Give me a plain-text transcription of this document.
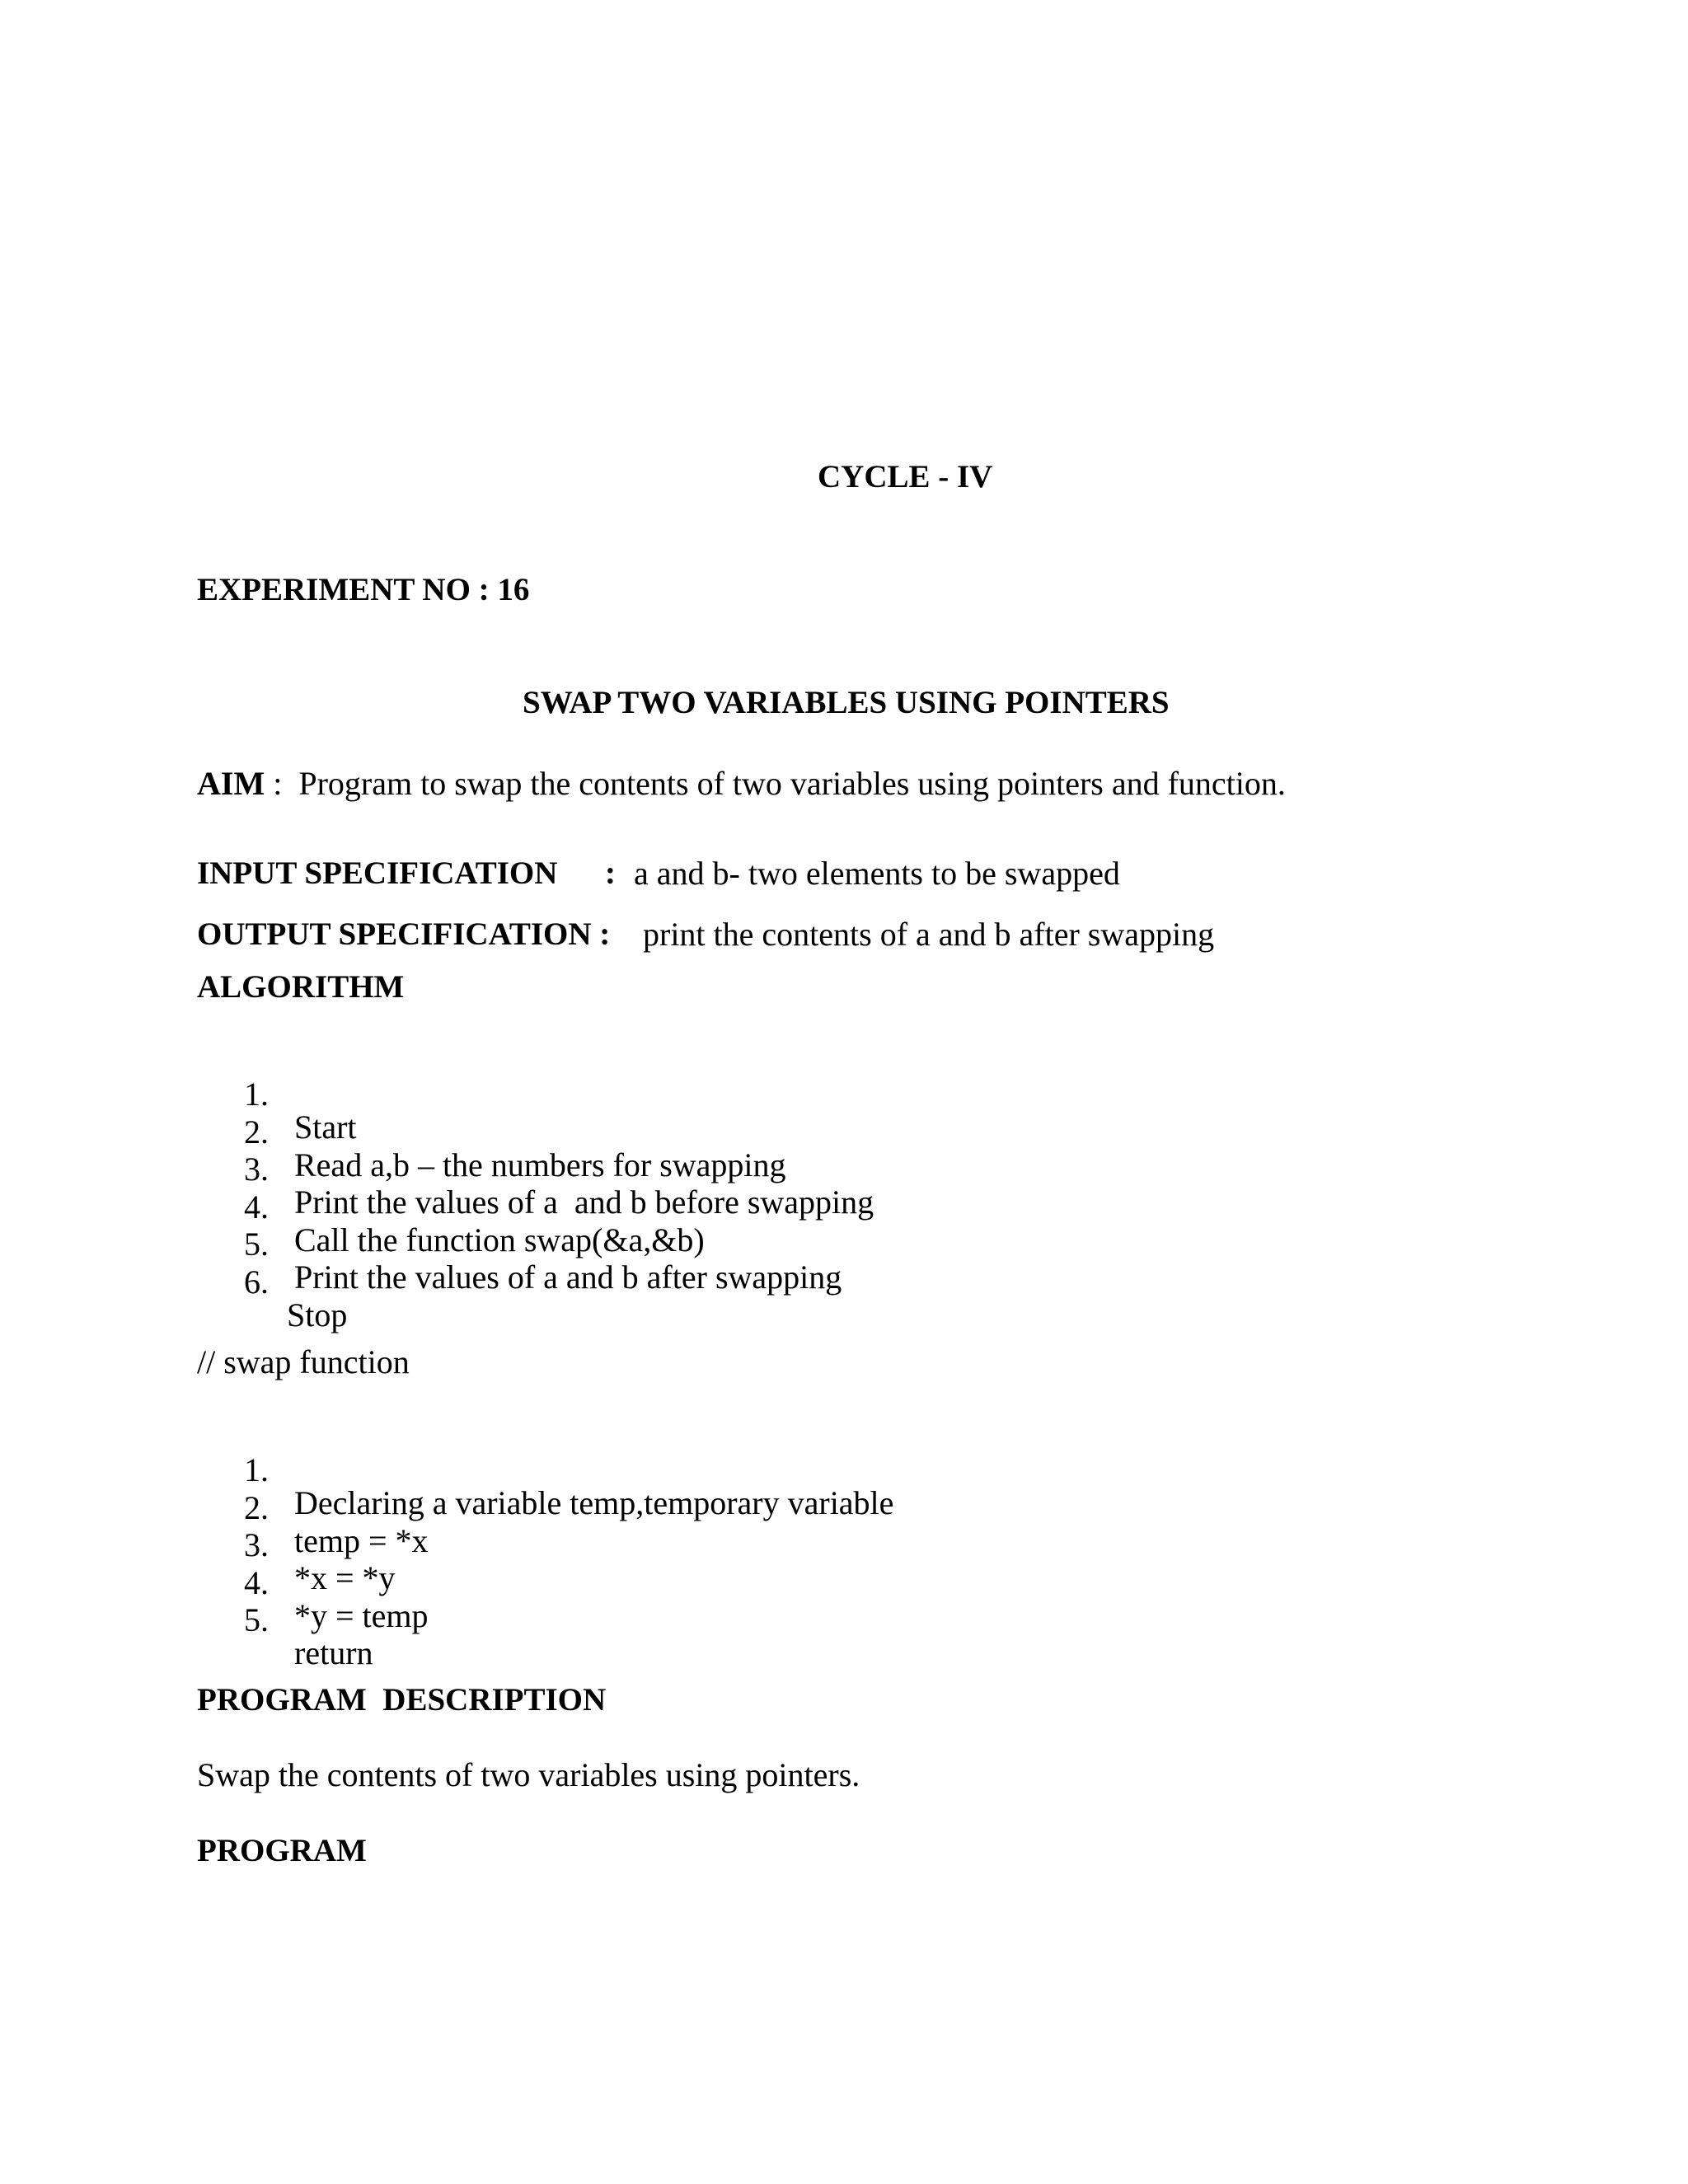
CYCLE - IV
EXPERIMENT NO : 16
SWAP TWO VARIABLES USING POINTERS
AIM :  Program to swap the contents of two variables using pointers and function.
INPUT SPECIFICATION : a and b- two elements to be swapped
OUTPUT SPECIFICATION : print the contents of a and b after swapping
ALGORITHM

1.

Start

2.

Read a,b – the numbers for swapping

3.

Print the values of a  and b before swapping

4.

Call the function swap(&a,&b)

5.

Print the values of a and b after swapping

6.

Stop

// swap function

1.

Declaring a variable temp,temporary variable

2.

temp = *x

3.

*x = *y

4.

*y = temp

5.

return

PROGRAM  DESCRIPTION
Swap the contents of two variables using pointers.
PROGRAM
